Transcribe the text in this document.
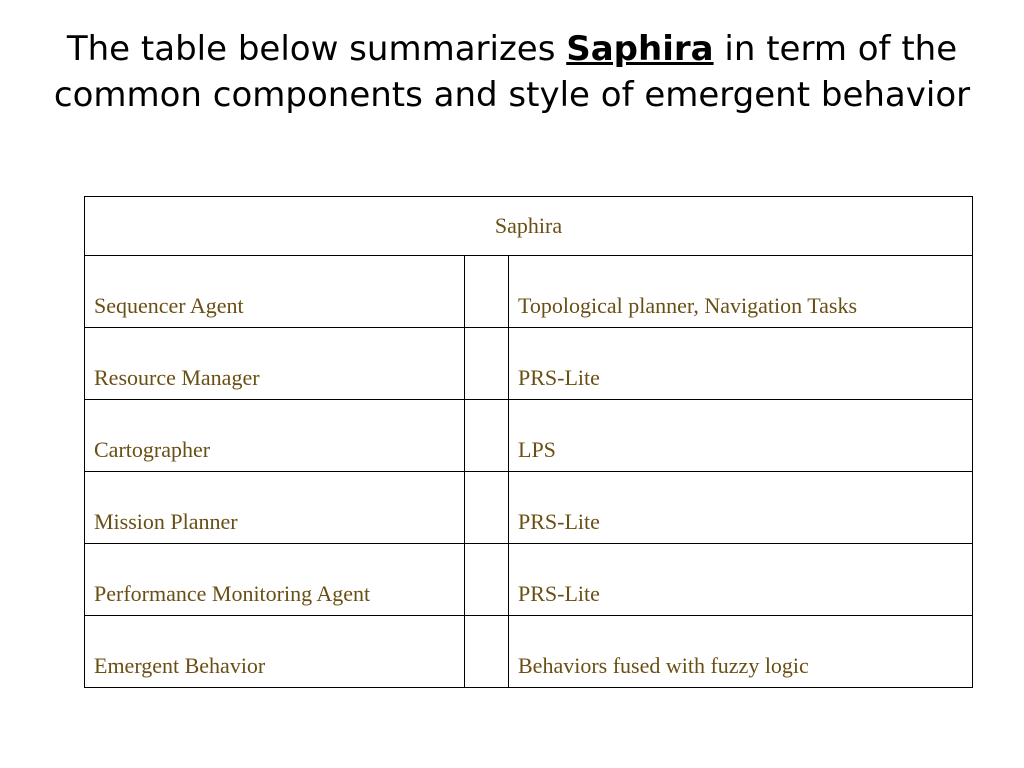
The table below summarizes Saphira in term of the common components and style of emergent behavior
Saphira		
Sequencer Agent		Topological planner, Navigation Tasks
Resource Manager		PRS-Lite
Cartographer		LPS
Mission Planner		PRS-Lite
Performance Monitoring Agent		PRS-Lite
Emergent Behavior		Behaviors fused with fuzzy logic
